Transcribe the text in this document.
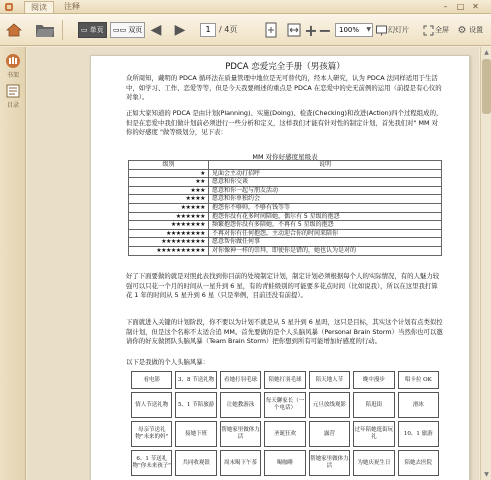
阅读	注释	–	□ ✕
▭ 单页 ▭▭ 双页 ◀ ▶	1	/ 4页	+ −	100% ▼ 幻灯片	全屏 ⚙ 设置
书架
目录
PDCA 恋爱完全手册（男孩篇）
众所周知，戴明的 PDCA 循环法在质量管理中地位是无可替代的，经本人研究，认为 PDCA 法同样适用于生活中，如学习、工作、恋爱等等，但是今天我要阐述的重点是 PDCA 在恋爱中的史无前例的运用（前提是有心仪的对象）。
正如大家知道的 PDCA 是由计划(Planning)、实施(Doing)、检查(Checking)和改进(Action)四个过程组成的，但是在恋爱中我们做计划前必须进行一些分析和定义，这样我们才能有针对性的制定计划，首先我们对" MM 对你的好感度 "做等级划分，见下表：
MM 对你好感度星级表
级别	说明
★	见面会主动打招呼
★★	愿意和你交谈
★★★	愿意和你一起与朋友活动
★★★★	愿意和你单独约会
★★★★★	抱怨你不够帅，不够有钱等等
★★★★★★	抱怨你没有花多时间陪她，偶尔有 5 星级的抱怨
★★★★★★★	频繁抱怨你没有多陪她，不再有 5 星级的抱怨
★★★★★★★★	不再对你有任何抱怨，主动迎合你的时间来陪你
★★★★★★★★★	愿意帮你做任何事
★★★★★★★★★★	对你像神一样的崇拜，即使你是错的，她也认为是对的
好了下面要做的就是对照此表找到你目前的处境制定计划，制定计划必须根据每个人的实际情况，有的人魅力较强可以只花一个月的时间从一星升到 6 星，有的青蛙级别的可能要多花点时间（比如说我），所以在这里我打算花 1 年的时间从 5 星升到 6 星（只是举例，目前还没有前提）。
下面就进入关键的计划阶段，你不要以为计划不就是从 5 星升到 6 星吗，这只是目标，其实这个计划有点类似控制计划，但是这个名称不太适合追 MM。首先要做的是个人头脑风暴（Personal Brain Storm）当然你也可以邀请你的好友做团队头脑风暴（Team Brain Storm）把你想到所有可能增加好感度的行动。
以下是我做的个人头脑风暴：
看电影	3、8 节送礼物	看她打羽毛球	陪她打羽毛球	陪天地人节	晚中漫步	唱卡拉 OK
情人节送礼物	5、1 节陪旅游	让她教游泳	每天聊家长（一个电话）	元旦放线观影	陪逛街	滑冰
母亲节送礼物"未来的妈"	接她下班	帮她家里做体力活	圣诞狂欢	露营	过年陪她逛街玩礼	10、1 旅游
6、1 节送礼物"你未来孩子"	共同收观银	周末喝下午茶	喝咖啡	帮她家里做体力活	为她庆祝生日	陪她去医院
▲
▼
